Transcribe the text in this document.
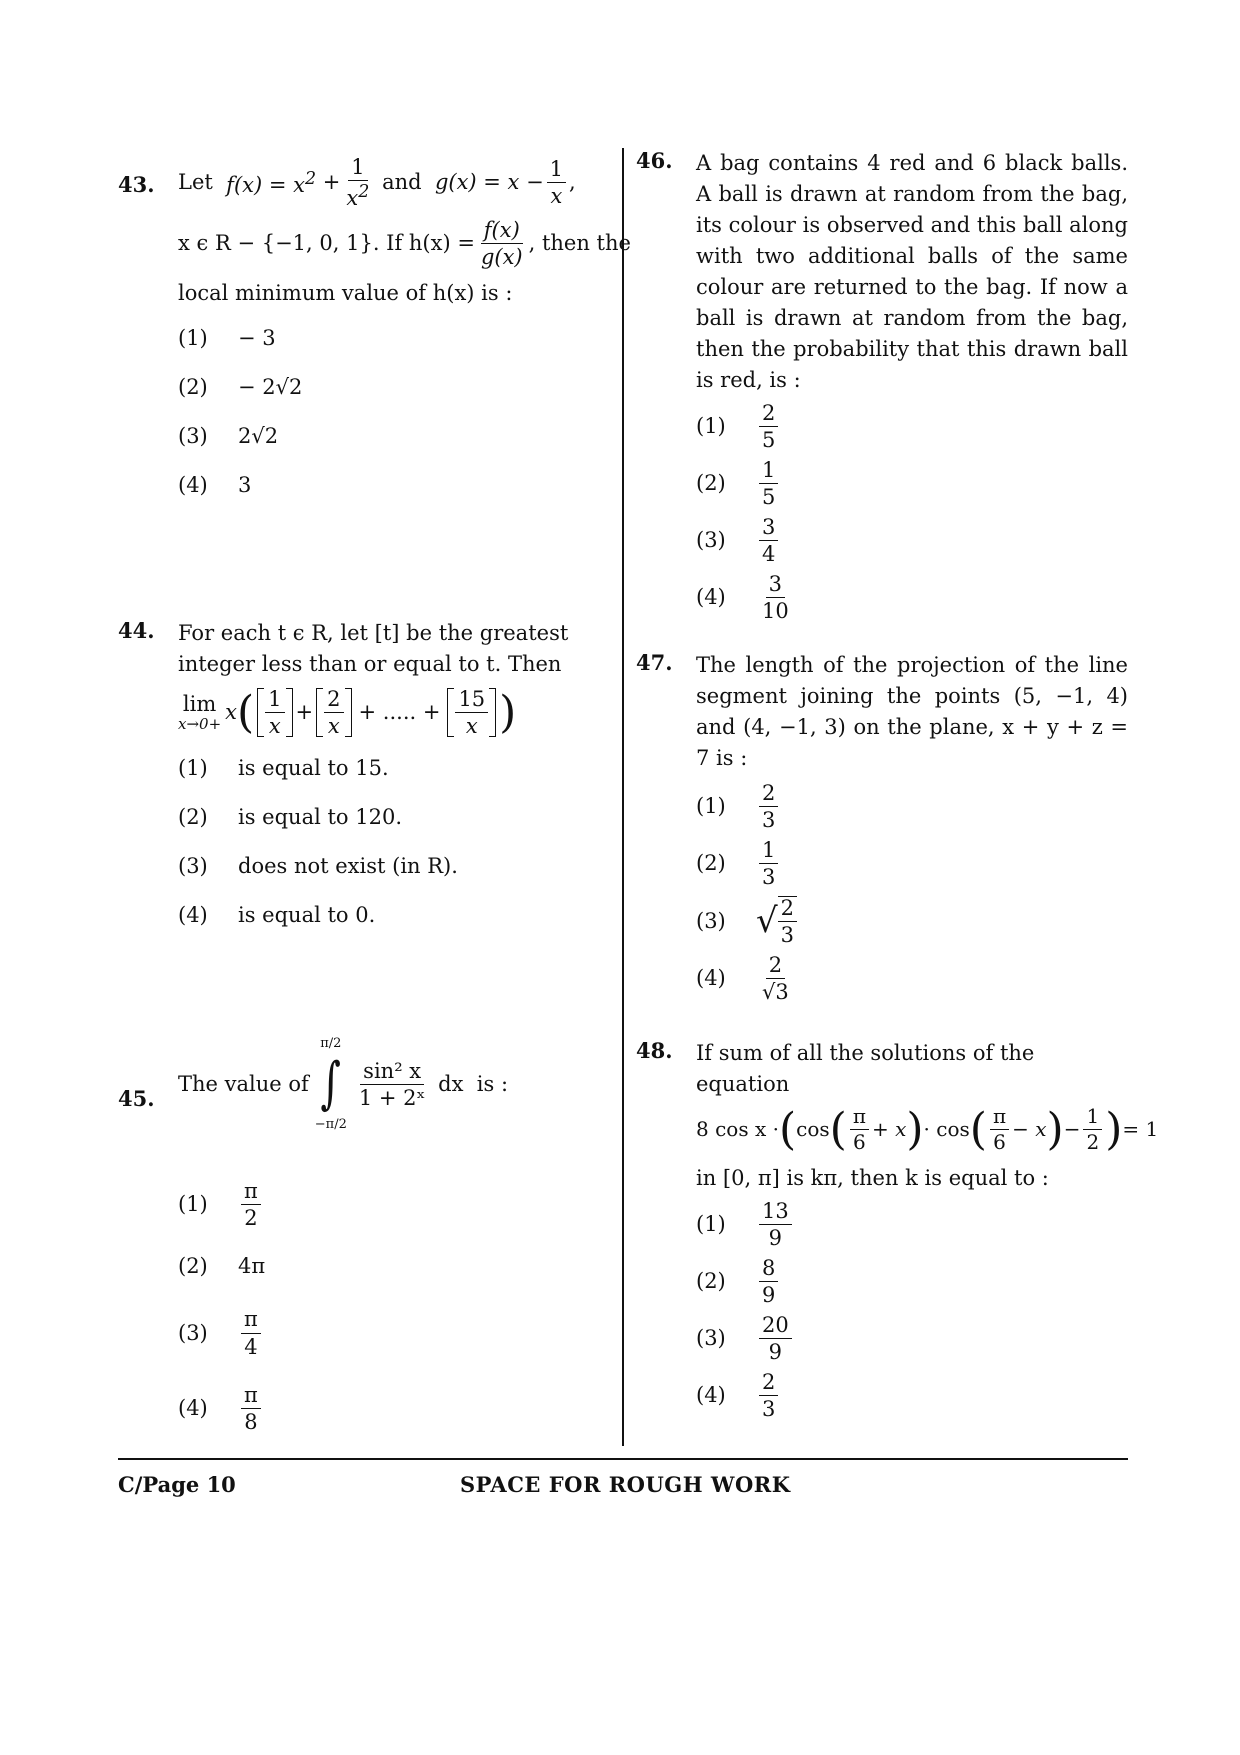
43. Let
$f(x) = x^2$
+ $\frac{1}{x^2}$
and
$g(x) = x - \frac{1}{x}$ ,
x ϵ R − {−1, 0, 1}. If $h(x) = \frac{f(x)}{g(x)}$ , then the
local minimum value of h(x) is :
(1)	− 3
(2)	− 2√2
(3)	2√2
(4)	3
44. For each t ϵ R, let [t] be the greatest integer less than or equal to t. Then
lim
x→0+ x ( $\frac{1}{x} + \frac{2}{x}$ + ..... + $\frac{15}{x}$ )
(1)	is equal to 15.
(2)	is equal to 120.
(3)	does not exist (in R).
(4)	is equal to 0.
45.
The value of
π/2
∫
−π/2
$\frac{\text{sin² x}}{\text{1 + 2ˣ}}$
dx
is :
(1)	$\frac{\pi}{2}$
(2)	4π
(3)	$\frac{\pi}{4}$
(4)	$\frac{\pi}{8}$
46. A bag contains 4 red and 6 black balls. A ball is drawn at random from the bag, its colour is observed and this ball along with two additional balls of the same colour are returned to the bag. If now a ball is drawn at random from the bag, then the probability that this drawn ball is red, is :
(1)	$\frac{2}{5}$
(2)	$\frac{1}{5}$
(3)	$\frac{3}{4}$
(4)	$\frac{3}{10}$
47. The length of the projection of the line segment joining the points (5, −1, 4) and (4, −1, 3) on the plane, x + y + z = 7 is :
(1)	$\frac{2}{3}$
(2)	$\frac{1}{3}$
(3) √ $\frac{2}{3}$
(4)	$\frac{2}{√3}$
48. If sum of all the solutions of the equation
8 cos x · ( cos ( $\frac{\pi}{6} + x$ ) · cos ( $\frac{\pi}{6} - x$ ) − $\frac{1}{2}$ ) = 1
in [0, π] is kπ, then k is equal to :
(1)	$\frac{13}{9}$
(2)	$\frac{8}{9}$
(3)	$\frac{20}{9}$
(4)	$\frac{2}{3}$
C/Page 10	SPACE FOR ROUGH WORK
